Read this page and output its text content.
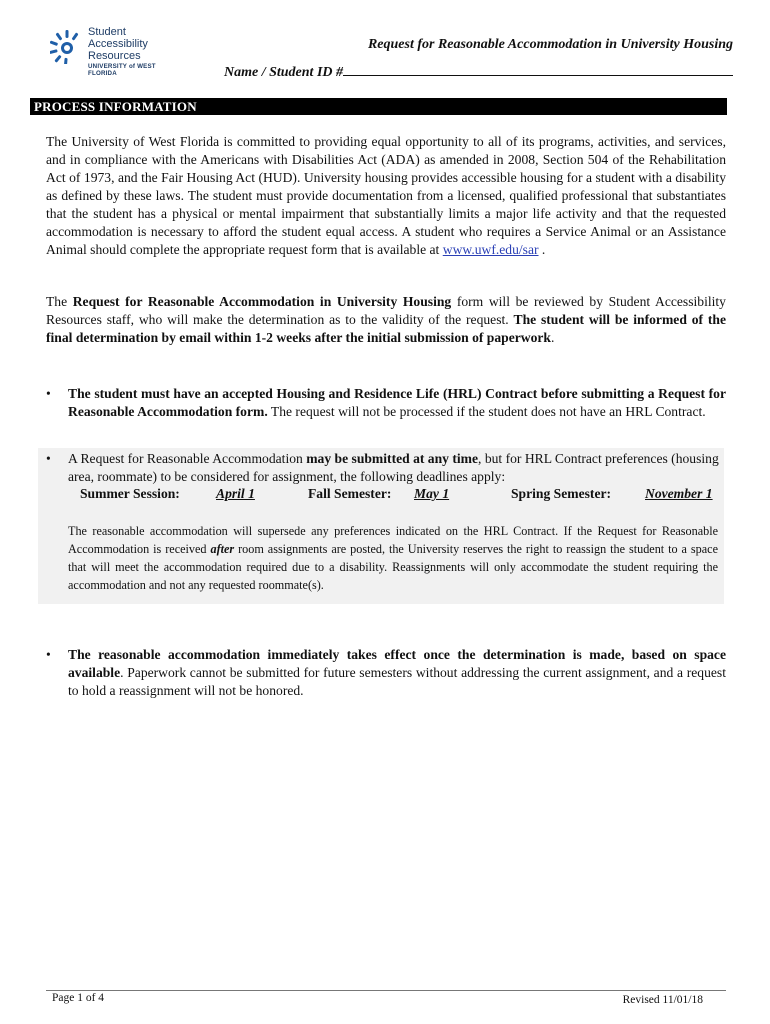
Student Accessibility
Resources
UNIVERSITY of WEST FLORIDA
Request for Reasonable Accommodation in University Housing
Name / Student ID #
PROCESS INFORMATION

The University of West Florida is committed to providing equal opportunity to all of its programs, activities, and services, and in compliance with the Americans with Disabilities Act (ADA) as amended in 2008, Section 504 of the Rehabilitation Act of 1973, and the Fair Housing Act (HUD). University housing provides accessible housing for a student with a disability as defined by these laws. The student must provide documentation from a licensed, qualified professional that substantiates that the student has a physical or mental impairment that substantially limits a major life activity and that the requested accommodation is necessary to afford the student equal access. A student who requires a Service Animal or an Assistance Animal should complete the appropriate request form that is available at www.uwf.edu/sar .

The Request for Reasonable Accommodation in University Housing form will be reviewed by Student Accessibility Resources staff, who will make the determination as to the validity of the request. The student will be informed of the final determination by email within 1-2 weeks after the initial submission of paperwork.

•	The student must have an accepted Housing and Residence Life (HRL) Contract before submitting a Request for Reasonable Accommodation form. The request will not be processed if the student does not have an HRL Contract.
•	A Request for Reasonable Accommodation may be submitted at any time, but for HRL Contract preferences (housing area, roommate) to be considered for assignment, the following deadlines apply:
Summer Session:	April 1	Fall Semester: May 1	Spring Semester: November 1

The reasonable accommodation will supersede any preferences indicated on the HRL Contract. If the Request for Reasonable Accommodation is received after room assignments are posted, the University reserves the right to reassign the student to a space that will meet the accommodation required due to a disability. Reassignments will only accommodate the student requiring the accommodation and not any requested roommate(s).

•	The reasonable accommodation immediately takes effect once the determination is made, based on space available. Paperwork cannot be submitted for future semesters without addressing the current assignment, and a request to hold a reassignment will not be honored.
Page 1 of 4	Revised 11/01/18
